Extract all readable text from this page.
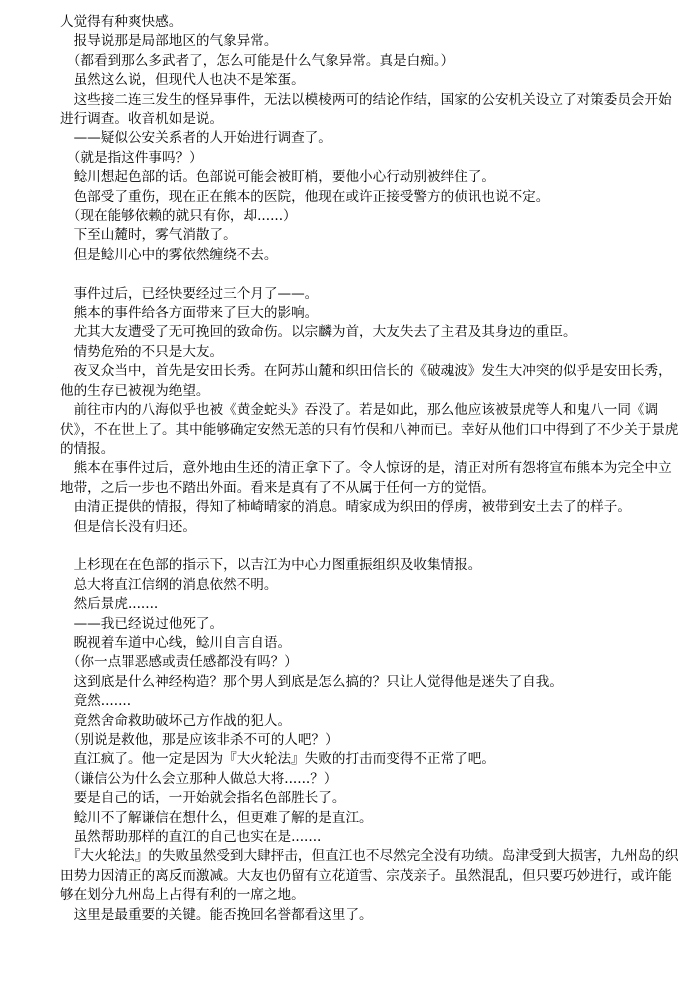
人觉得有种爽快感。

　报导说那是局部地区的气象异常。

　（都看到那么多武者了，怎么可能是什么气象异常。真是白痴。）

　虽然这么说，但现代人也决不是笨蛋。

　这些接二连三发生的怪异事件，无法以模棱两可的结论作结，国家的公安机关设立了对策委员会开始进行调查。收音机如是说。

　——疑似公安关系者的人开始进行调查了。

　（就是指这件事吗？）

　鲶川想起色部的话。色部说可能会被盯梢，要他小心行动别被绊住了。

　色部受了重伤，现在正在熊本的医院，他现在或许正接受警方的侦讯也说不定。

　（现在能够依赖的就只有你，却......）

　下至山麓时，雾气消散了。

　但是鲶川心中的雾依然缠绕不去。

　事件过后，已经快要经过三个月了——。

　熊本的事件给各方面带来了巨大的影响。

　尤其大友遭受了无可挽回的致命伤。以宗麟为首，大友失去了主君及其身边的重臣。

　情势危殆的不只是大友。

　夜叉众当中，首先是安田长秀。在阿苏山麓和织田信长的《破魂波》发生大冲突的似乎是安田长秀，他的生存已被视为绝望。

　前往市内的八海似乎也被《黄金蛇头》吞没了。若是如此，那么他应该被景虎等人和鬼八一同《调伏》，不在世上了。其中能够确定安然无恙的只有竹俣和八神而已。幸好从他们口中得到了不少关于景虎的情报。

　熊本在事件过后，意外地由生还的清正拿下了。令人惊讶的是，清正对所有怨将宣布熊本为完全中立地带，之后一步也不踏出外面。看来是真有了不从属于任何一方的觉悟。

　由清正提供的情报，得知了柿崎晴家的消息。晴家成为织田的俘虏，被带到安土去了的样子。

　但是信长没有归还。

　上杉现在在色部的指示下，以吉江为中心力图重振组织及收集情报。

　总大将直江信纲的消息依然不明。

　然后景虎.......

　——我已经说过他死了。

　睨视着车道中心线，鲶川自言自语。

　（你一点罪恶感或责任感都没有吗？）

　这到底是什么神经构造？那个男人到底是怎么搞的？只让人觉得他是迷失了自我。

　竟然.......

　竟然舍命救助破坏己方作战的犯人。

　（别说是救他，那是应该非杀不可的人吧？）

　直江疯了。他一定是因为『大火轮法』失败的打击而变得不正常了吧。

　（谦信公为什么会立那种人做总大将......？）

　要是自己的话，一开始就会指名色部胜长了。

　鲶川不了解谦信在想什么，但更难了解的是直江。

　虽然帮助那样的直江的自己也实在是.......

　『大火轮法』的失败虽然受到大肆抨击，但直江也不尽然完全没有功绩。岛津受到大损害，九州岛的织田势力因清正的离反而激减。大友也仍留有立花道雪、宗茂亲子。虽然混乱，但只要巧妙进行，或许能够在划分九州岛上占得有利的一席之地。

　这里是最重要的关键。能否挽回名誉都看这里了。
